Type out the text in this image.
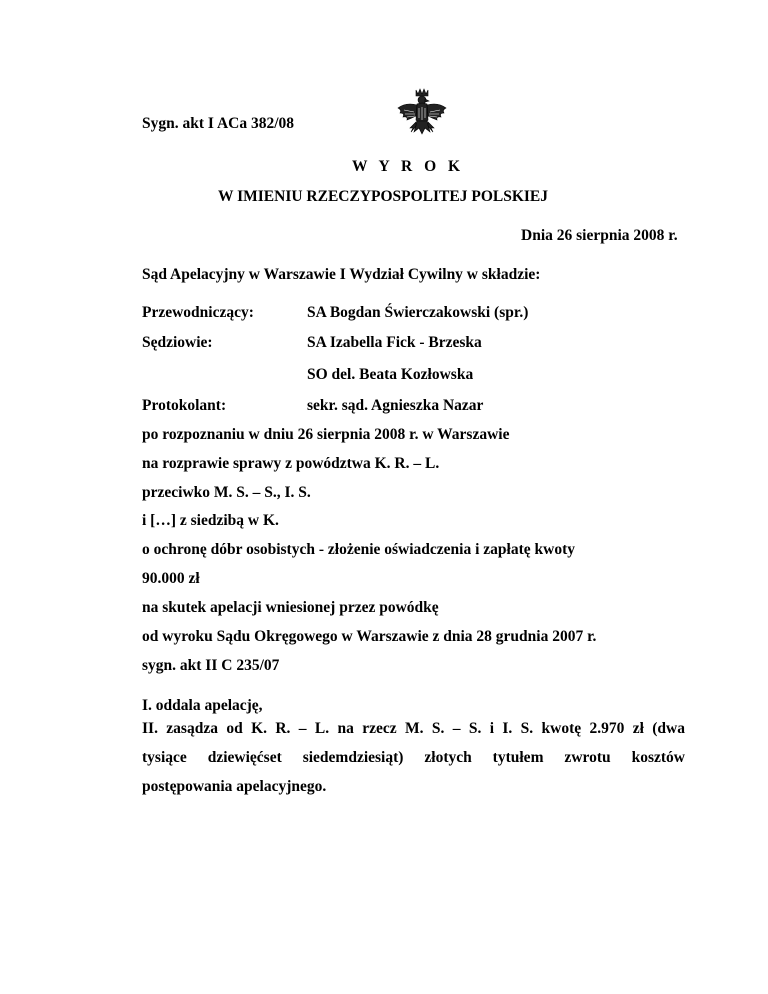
Sygn. akt I ACa 382/08
W Y R O K
W IMIENIU RZECZYPOSPOLITEJ POLSKIEJ
Dnia 26 sierpnia 2008 r.
Sąd Apelacyjny w Warszawie I Wydział Cywilny w składzie:
Przewodniczący:	SA Bogdan Świerczakowski (spr.)
Sędziowie:	SA Izabella Fick - Brzeska
SO del. Beata Kozłowska
Protokolant:	sekr. sąd. Agnieszka Nazar
po rozpoznaniu w dniu 26 sierpnia 2008 r. w Warszawie
na rozprawie sprawy z powództwa K. R. – L.
przeciwko M. S. – S., I. S.
i […] z siedzibą w K.
o ochronę dóbr osobistych - złożenie oświadczenia i zapłatę kwoty
90.000 zł
na skutek apelacji wniesionej przez powódkę
od wyroku Sądu Okręgowego w Warszawie z dnia 28 grudnia 2007 r.
sygn. akt II C 235/07
I. oddala apelację,
II. zasądza od K. R. – L. na rzecz M. S. – S. i I. S. kwotę 2.970 zł (dwa
tysiące dziewięćset siedemdziesiąt) złotych tytułem zwrotu kosztów
postępowania apelacyjnego.
